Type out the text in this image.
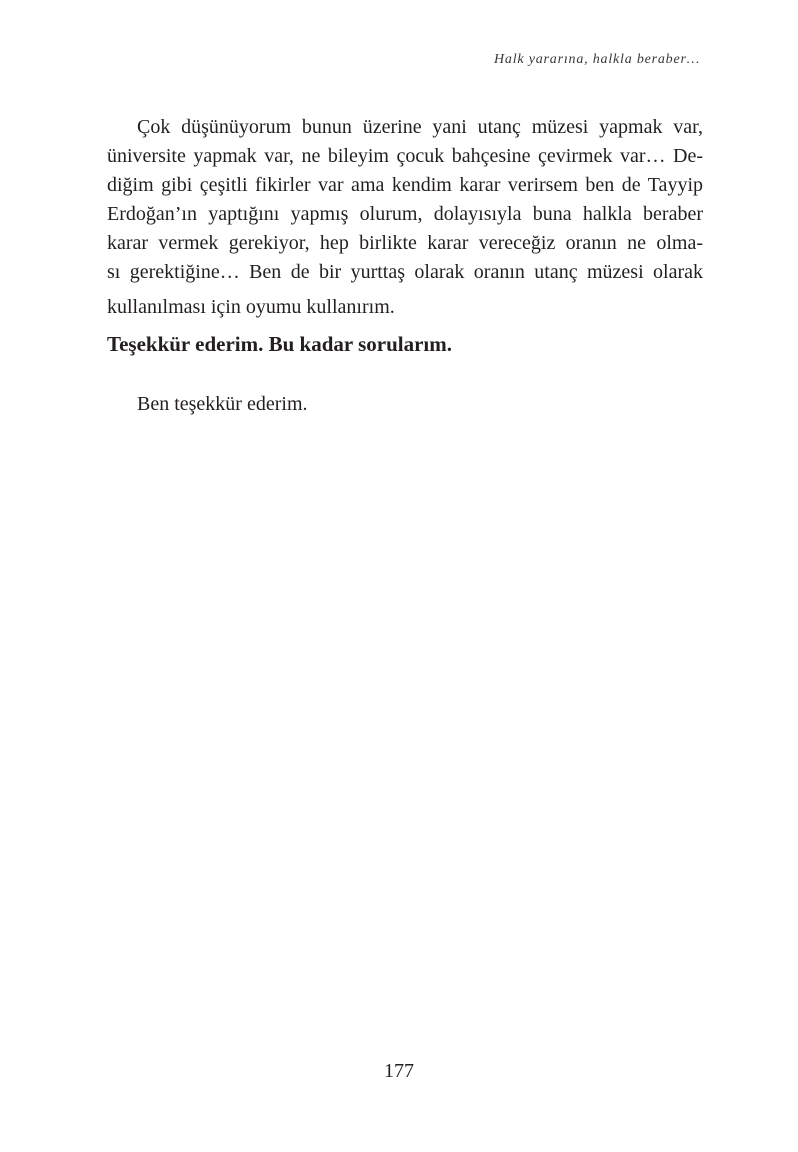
Halk yararına, halkla beraber…
Çok düşünüyorum bunun üzerine yani utanç müzesi yapmak var,
üniversite yapmak var, ne bileyim çocuk bahçesine çevirmek var… De-
diğim gibi çeşitli fikirler var ama kendim karar verirsem ben de Tayyip
Erdoğan’ın yaptığını yapmış olurum, dolayısıyla buna halkla beraber
karar vermek gerekiyor, hep birlikte karar vereceğiz oranın ne olma-
sı gerektiğine… Ben de bir yurttaş olarak oranın utanç müzesi olarak
kullanılması için oyumu kullanırım.
Teşekkür ederim. Bu kadar sorularım.
Ben teşekkür ederim.
177
